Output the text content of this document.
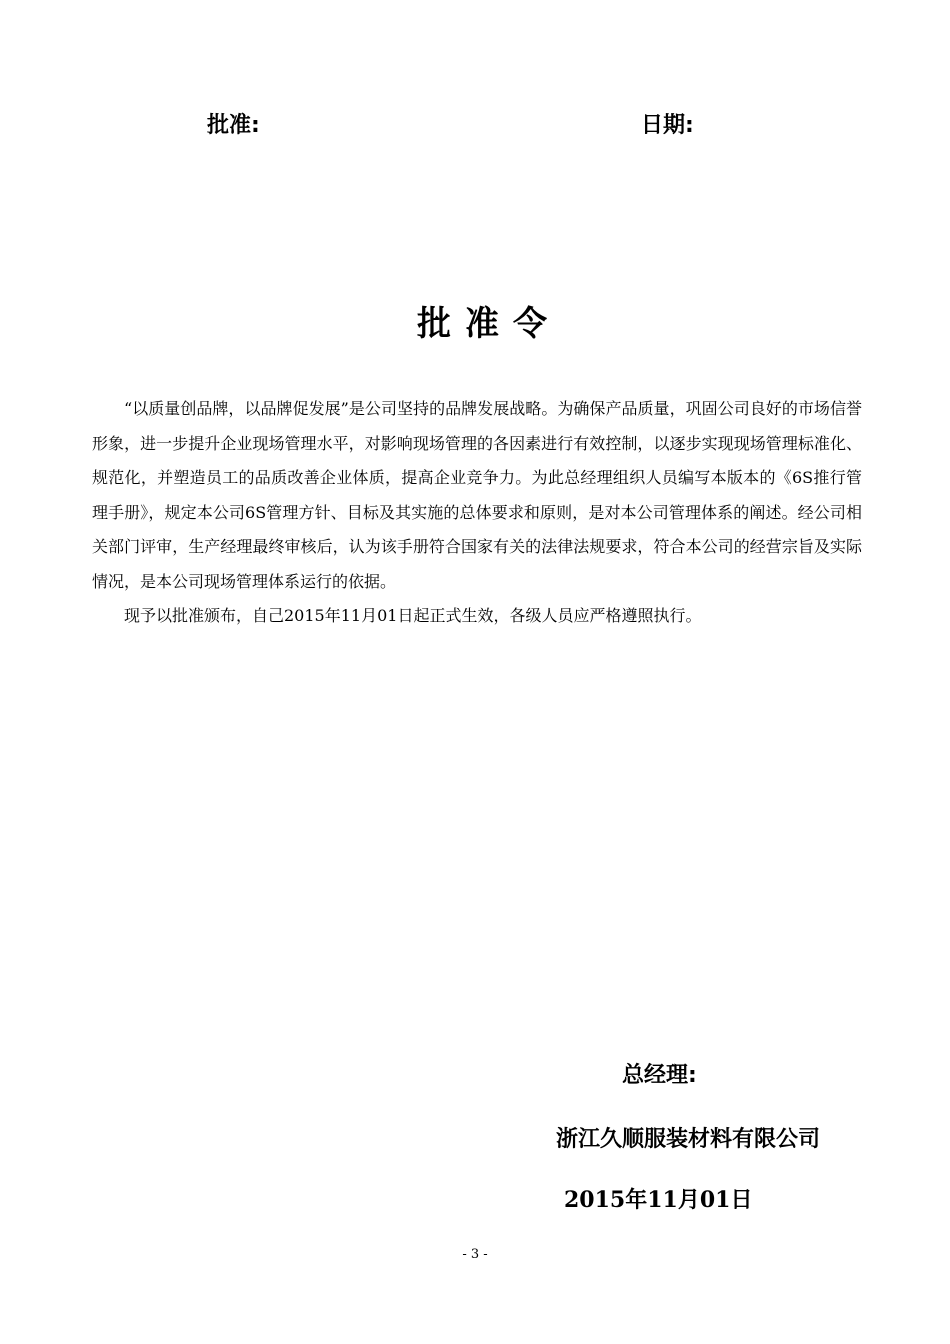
批准:	日期:
批准令

“以质量创品牌，以品牌促发展”是公司坚持的品牌发展战略。为确保产品质量，巩固公司良好的市场信誉形象，进一步提升企业现场管理水平，对影响现场管理的各因素进行有效控制，以逐步实现现场管理标准化、规范化，并塑造员工的品质改善企业体质，提高企业竞争力。为此总经理组织人员编写本版本的《6S推行管理手册》，规定本公司6S管理方针、目标及其实施的总体要求和原则，是对本公司管理体系的阐述。经公司相关部门评审，生产经理最终审核后，认为该手册符合国家有关的法律法规要求，符合本公司的经营宗旨及实际情况，是本公司现场管理体系运行的依据。

现予以批准颁布，自己2015年11月01日起正式生效，各级人员应严格遵照执行。

总经理:
浙江久顺服装材料有限公司
2015年11月01日
- 3 -
